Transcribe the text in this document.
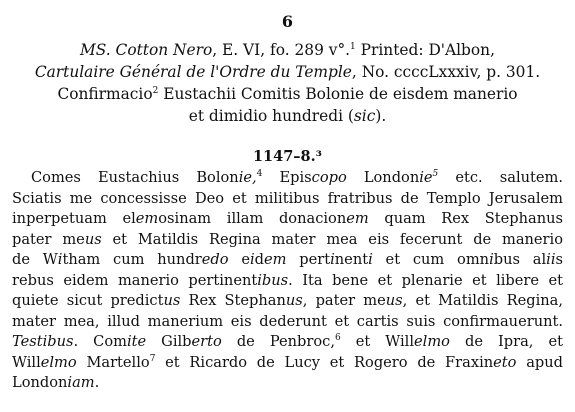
6
MS. Cotton Nero, E. VI, fo. 289 v°.$^1$ Printed: D'Albon,
Cartulaire Général de l'Ordre du Temple, No. ccccLxxxiv, p. 301.
Confirmacio$^2$ Eustachii Comitis Bolonie de eisdem manerio
et dimidio hundredi (sic).
1147–8.³
Comes Eustachius Bolonie,$^4$ Episcopo Londonie$^5$ etc. salutem.
Sciatis me concessisse Deo et militibus fratribus de Templo Jerusalem
inperpetuam elemosinam illam donacionem quam Rex Stephanus
pater meus et Matildis Regina mater mea eis fecerunt de manerio
de Witham cum hundredo eidem pertinenti et cum omnibus aliis
rebus eidem manerio pertinentibus. Ita bene et plenarie et libere et
quiete sicut predictus Rex Stephanus, pater meus, et Matildis Regina,
mater mea, illud manerium eis dederunt et cartis suis confirmauerunt.
Testibus. Comite Gilberto de Penbroc,$^6$ et Willelmo de Ipra, et
Willelmo Martello$^7$ et Ricardo de Lucy et Rogero de Fraxineto apud
Londoniam.
